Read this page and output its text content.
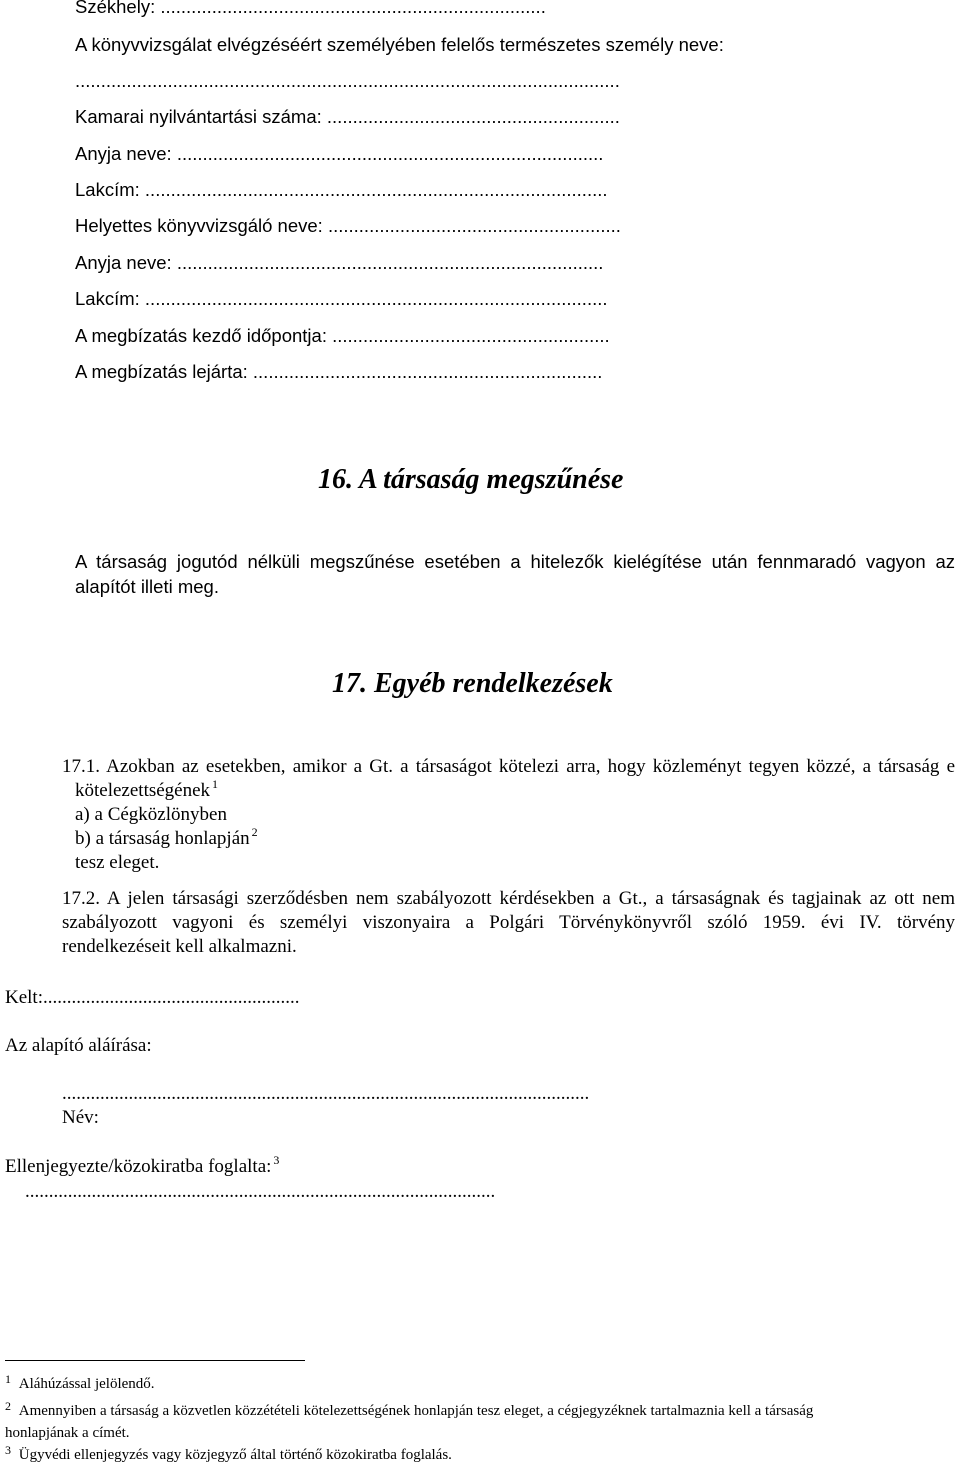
Székhely: ...........................................................................
A könyvvizsgálat elvégzéséért személyében felelős természetes személy neve:
..........................................................................................................
Kamarai nyilvántartási száma: .........................................................
Anyja neve: ...................................................................................
Lakcím: ..........................................................................................
Helyettes könyvvizsgáló neve: .........................................................
Anyja neve: ...................................................................................
Lakcím: ..........................................................................................
A megbízatás kezdő időpontja: ......................................................
A megbízatás lejárta: ....................................................................
16. A társaság megszűnése
A társaság jogutód nélküli megszűnése esetében a hitelezők kielégítése után fennmaradó vagyon az
alapítót illeti meg.
17. Egyéb rendelkezések
17.1. Azokban az esetekben, amikor a Gt. a társaságot kötelezi arra, hogy közleményt tegyen közzé, a társaság e
kötelezettségének $^1$
a) a Cégközlönyben
b) a társaság honlapján $^2$
tesz eleget.
17.2. A jelen társasági szerződésben nem szabályozott kérdésekben a Gt., a társaságnak és tagjainak az ott nem
szabályozott vagyoni és személyi viszonyaira a Polgári Törvénykönyvről szóló 1959. évi IV. törvény
rendelkezéseit kell alkalmazni.
Kelt:......................................................
Az alapító aláírása:
...............................................................................................................
Név:
Ellenjegyezte/közokiratba foglalta: $^3$
...................................................................................................
$^1$ Aláhúzással jelölendő.
$^2$ Amennyiben a társaság a közvetlen közzétételi kötelezettségének honlapján tesz eleget, a cégjegyzéknek tartalmaznia kell a társaság
honlapjának a címét.
$^3$ Ügyvédi ellenjegyzés vagy közjegyző által történő közokiratba foglalás.
